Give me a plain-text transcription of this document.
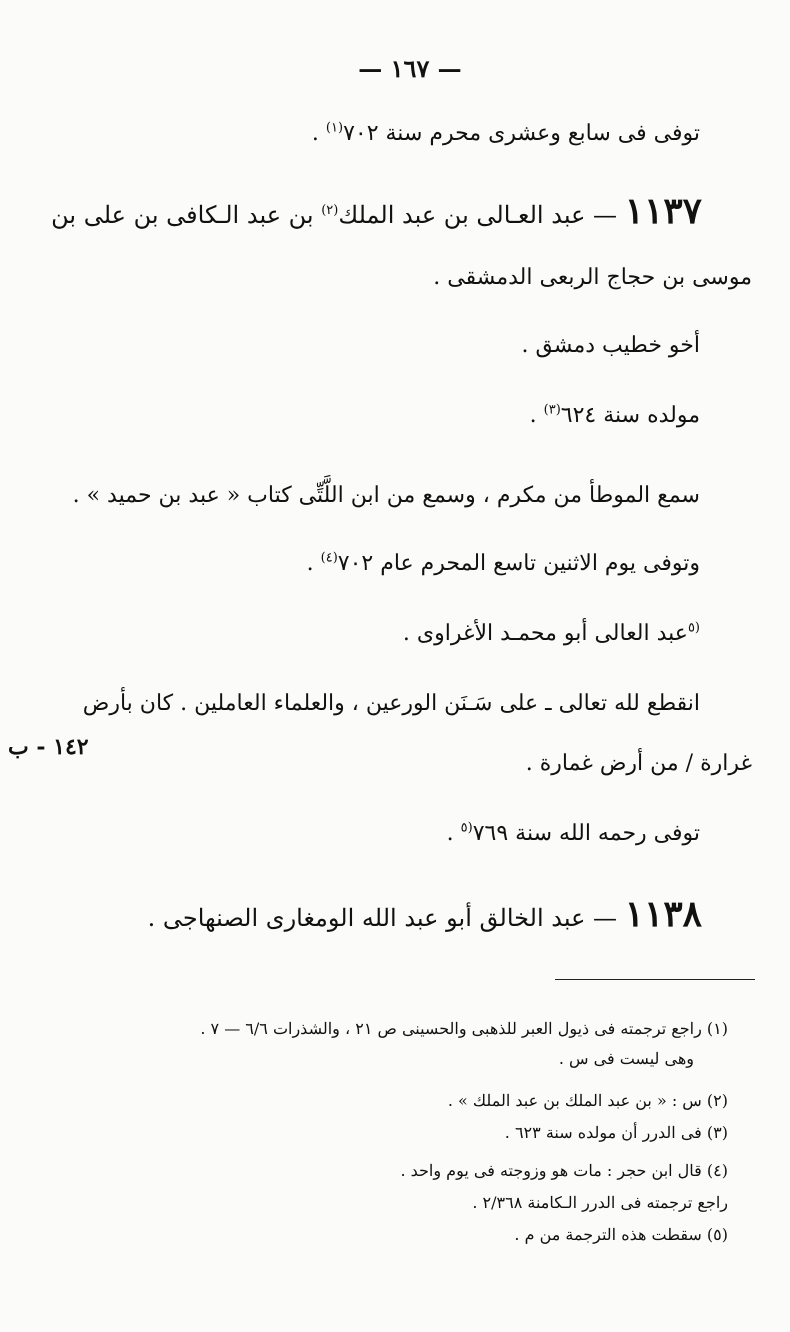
— ١٦٧ —
توفى فى سابع وعشرى محرم سنة ٧٠٢$^{(١)}$ .
١١٣٧ — عبد العـالى بن عبد الملك$^{(٢)}$ بن عبد الـكافى بن على بن
موسى بن حجاج الربعى الدمشقى .
أخو خطيب دمشق .
مولده سنة ٦٢٤$^{(٣)}$ .
سمع الموطأ من مكرم ، وسمع من ابن اللَّتِّى كتاب « عبد بن حميد » .
وتوفى يوم الاثنين تاسع المحرم عام ٧٠٢$^{(٤)}$ .
$^{(٥}$عبد العالى أبو محمـد الأغراوى .
انقطع لله تعالى ـ على سَـنَن الورعين ، والعلماء العاملين . كان بأرض
١٤٢ - ب
غرارة / من أرض غمارة .
توفى رحمه الله سنة ٧٦٩$^{(٥}$ .
١١٣٨ — عبد الخالق أبو عبد الله الومغارى الصنهاجى .
(١) راجع ترجمته فى ذيول العبر للذهبى والحسينى ص ٢١ ، والشذرات ٦/٦ — ٧ .
وهى ليست فى س .
(٢) س : « بن عبد الملك بن عبد الملك » .
(٣) فى الدرر أن مولده سنة ٦٢٣ .
(٤) قال ابن حجر : مات هو وزوجته فى يوم واحد .
راجع ترجمته فى الدرر الـكامنة ٢/٣٦٨ .
(٥) سقطت هذه الترجمة من م .
